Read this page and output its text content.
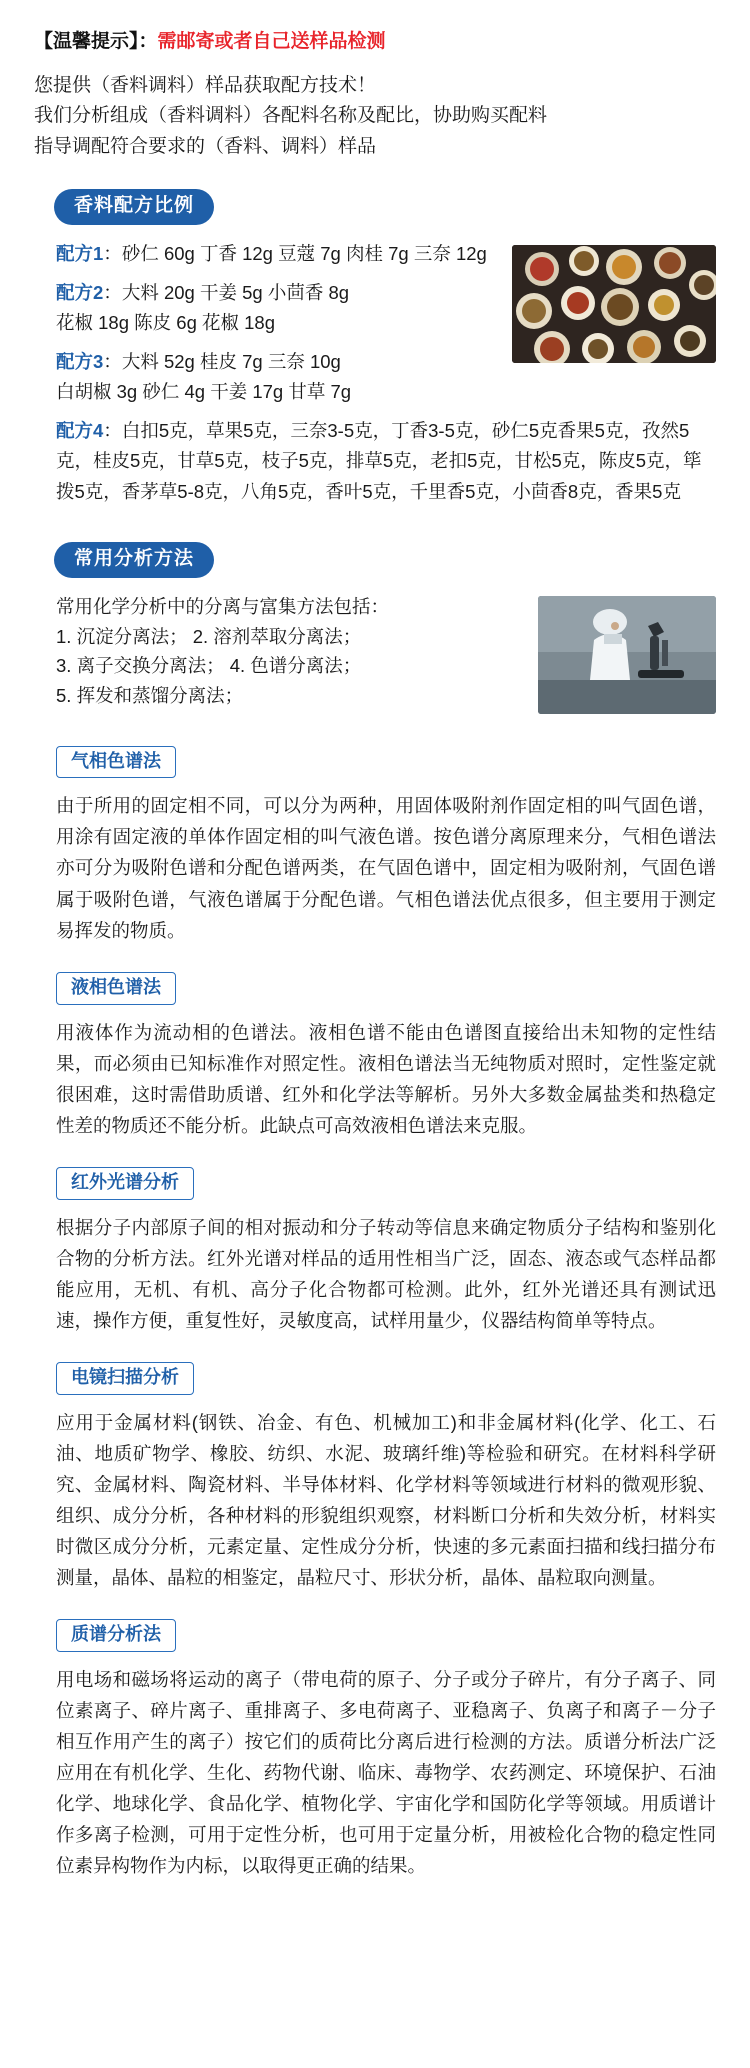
【温馨提示】：需邮寄或者自己送样品检测
您提供（香料调料）样品获取配方技术！
我们分析组成（香料调料）各配料名称及配比，协助购买配料
指导调配符合要求的（香料、调料）样品
香料配方比例
配方1：砂仁 60g 丁香 12g 豆蔻 7g 肉桂 7g 三奈 12g
配方2：大料 20g 干姜 5g 小茴香 8g
花椒 18g 陈皮 6g 花椒 18g
配方3：大料 52g 桂皮 7g 三奈 10g
白胡椒 3g 砂仁 4g 干姜 17g 甘草 7g
配方4：白扣5克，草果5克，三奈3-5克，丁香3-5克，砂仁5克香果5克，孜然5克，桂皮5克，甘草5克，枝子5克，排草5克，老扣5克，甘松5克，陈皮5克，筚拨5克，香茅草5-8克，八角5克，香叶5克，千里香5克，小茴香8克，香果5克
常用分析方法

常用化学分析中的分离与富集方法包括：

1. 沉淀分离法； 2. 溶剂萃取分离法；

3. 离子交换分离法； 4. 色谱分离法；

5. 挥发和蒸馏分离法；

气相色谱法
由于所用的固定相不同，可以分为两种，用固体吸附剂作固定相的叫气固色谱，用涂有固定液的单体作固定相的叫气液色谱。按色谱分离原理来分，气相色谱法亦可分为吸附色谱和分配色谱两类，在气固色谱中，固定相为吸附剂，气固色谱属于吸附色谱，气液色谱属于分配色谱。气相色谱法优点很多，但主要用于测定易挥发的物质。
液相色谱法
用液体作为流动相的色谱法。液相色谱不能由色谱图直接给出未知物的定性结果，而必须由已知标准作对照定性。液相色谱法当无纯物质对照时，定性鉴定就很困难，这时需借助质谱、红外和化学法等解析。另外大多数金属盐类和热稳定性差的物质还不能分析。此缺点可高效液相色谱法来克服。
红外光谱分析
根据分子内部原子间的相对振动和分子转动等信息来确定物质分子结构和鉴别化合物的分析方法。红外光谱对样品的适用性相当广泛，固态、液态或气态样品都能应用，无机、有机、高分子化合物都可检测。此外，红外光谱还具有测试迅速，操作方便，重复性好，灵敏度高，试样用量少，仪器结构简单等特点。
电镜扫描分析
应用于金属材料(钢铁、冶金、有色、机械加工)和非金属材料(化学、化工、石油、地质矿物学、橡胶、纺织、水泥、玻璃纤维)等检验和研究。在材料科学研究、金属材料、陶瓷材料、半导体材料、化学材料等领域进行材料的微观形貌、组织、成分分析，各种材料的形貌组织观察，材料断口分析和失效分析，材料实时微区成分分析，元素定量、定性成分分析，快速的多元素面扫描和线扫描分布测量，晶体、晶粒的相鉴定，晶粒尺寸、形状分析，晶体、晶粒取向测量。
质谱分析法
用电场和磁场将运动的离子（带电荷的原子、分子或分子碎片，有分子离子、同位素离子、碎片离子、重排离子、多电荷离子、亚稳离子、负离子和离子－分子相互作用产生的离子）按它们的质荷比分离后进行检测的方法。质谱分析法广泛应用在有机化学、生化、药物代谢、临床、毒物学、农药测定、环境保护、石油化学、地球化学、食品化学、植物化学、宇宙化学和国防化学等领域。用质谱计作多离子检测，可用于定性分析，也可用于定量分析，用被检化合物的稳定性同位素异构物作为内标，以取得更正确的结果。
